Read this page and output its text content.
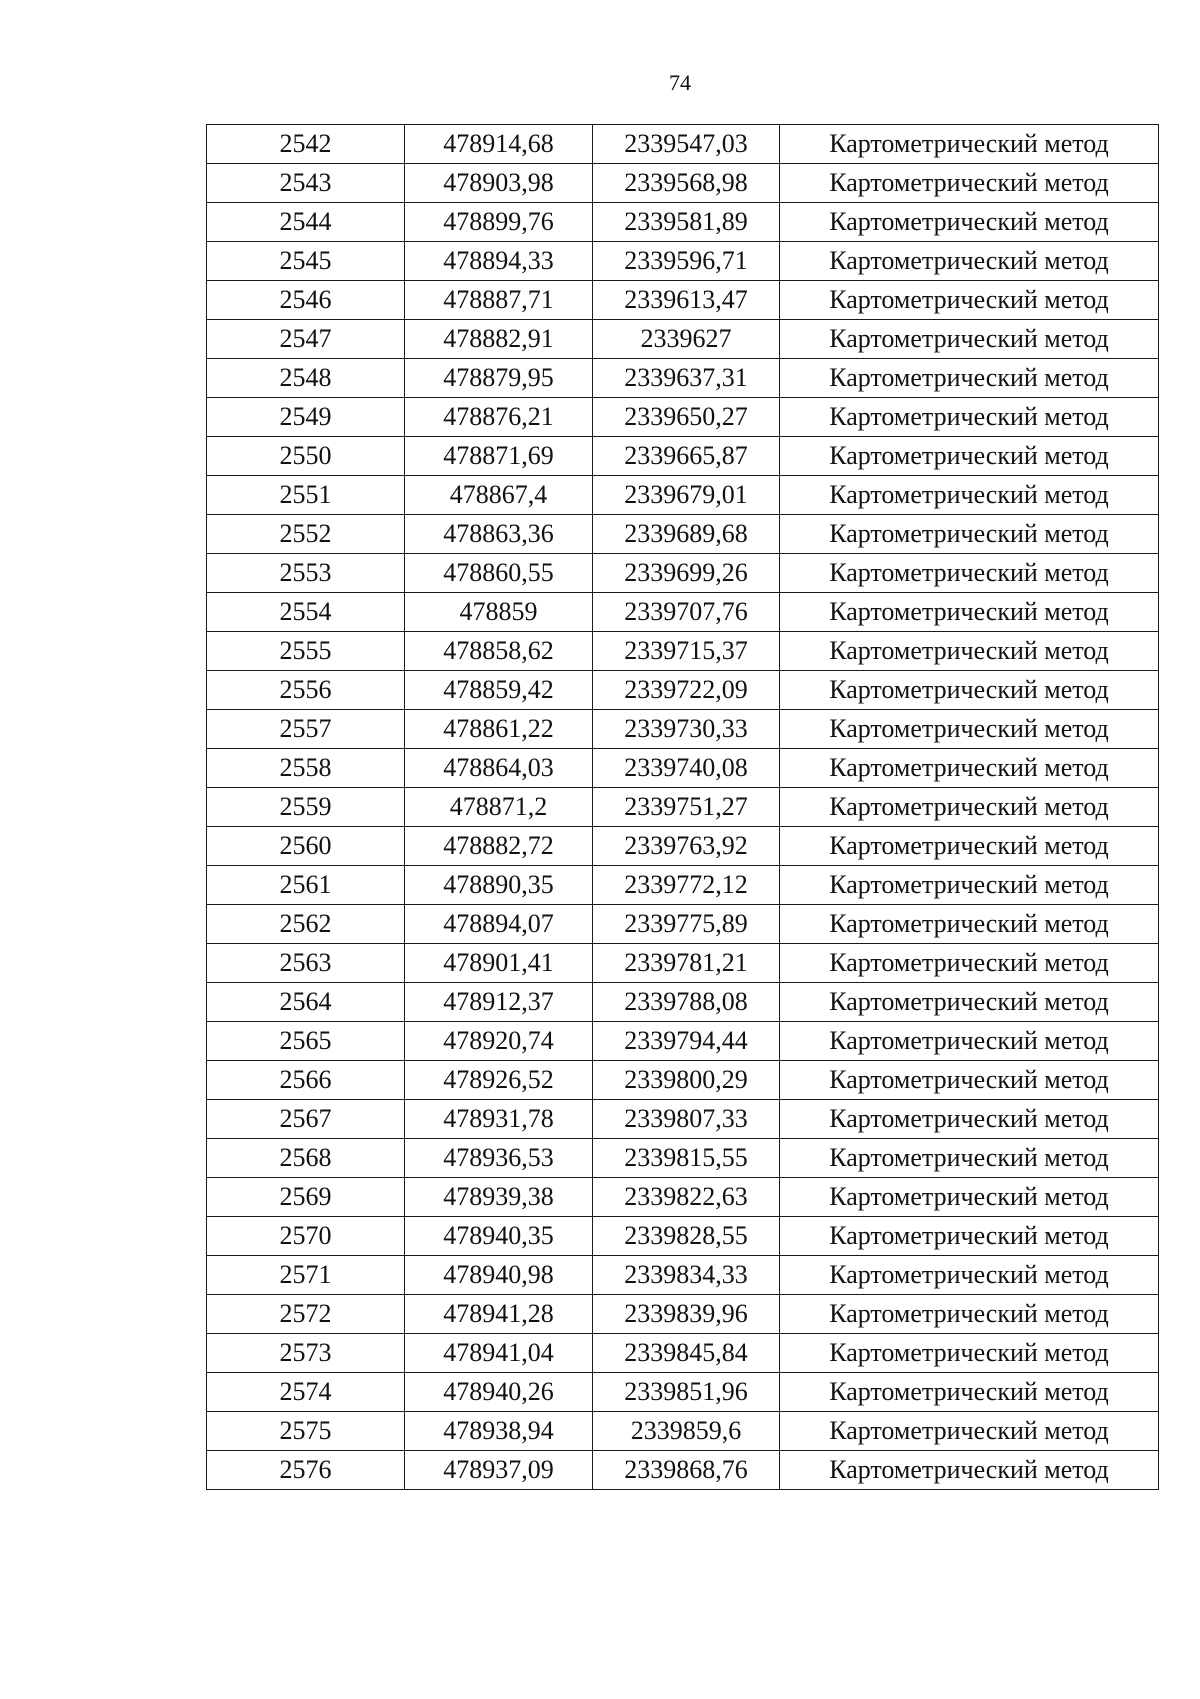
74
2542	478914,68	2339547,03	Картометрический метод
2543	478903,98	2339568,98	Картометрический метод
2544	478899,76	2339581,89	Картометрический метод
2545	478894,33	2339596,71	Картометрический метод
2546	478887,71	2339613,47	Картометрический метод
2547	478882,91	2339627	Картометрический метод
2548	478879,95	2339637,31	Картометрический метод
2549	478876,21	2339650,27	Картометрический метод
2550	478871,69	2339665,87	Картометрический метод
2551	478867,4	2339679,01	Картометрический метод
2552	478863,36	2339689,68	Картометрический метод
2553	478860,55	2339699,26	Картометрический метод
2554	478859	2339707,76	Картометрический метод
2555	478858,62	2339715,37	Картометрический метод
2556	478859,42	2339722,09	Картометрический метод
2557	478861,22	2339730,33	Картометрический метод
2558	478864,03	2339740,08	Картометрический метод
2559	478871,2	2339751,27	Картометрический метод
2560	478882,72	2339763,92	Картометрический метод
2561	478890,35	2339772,12	Картометрический метод
2562	478894,07	2339775,89	Картометрический метод
2563	478901,41	2339781,21	Картометрический метод
2564	478912,37	2339788,08	Картометрический метод
2565	478920,74	2339794,44	Картометрический метод
2566	478926,52	2339800,29	Картометрический метод
2567	478931,78	2339807,33	Картометрический метод
2568	478936,53	2339815,55	Картометрический метод
2569	478939,38	2339822,63	Картометрический метод
2570	478940,35	2339828,55	Картометрический метод
2571	478940,98	2339834,33	Картометрический метод
2572	478941,28	2339839,96	Картометрический метод
2573	478941,04	2339845,84	Картометрический метод
2574	478940,26	2339851,96	Картометрический метод
2575	478938,94	2339859,6	Картометрический метод
2576	478937,09	2339868,76	Картометрический метод
